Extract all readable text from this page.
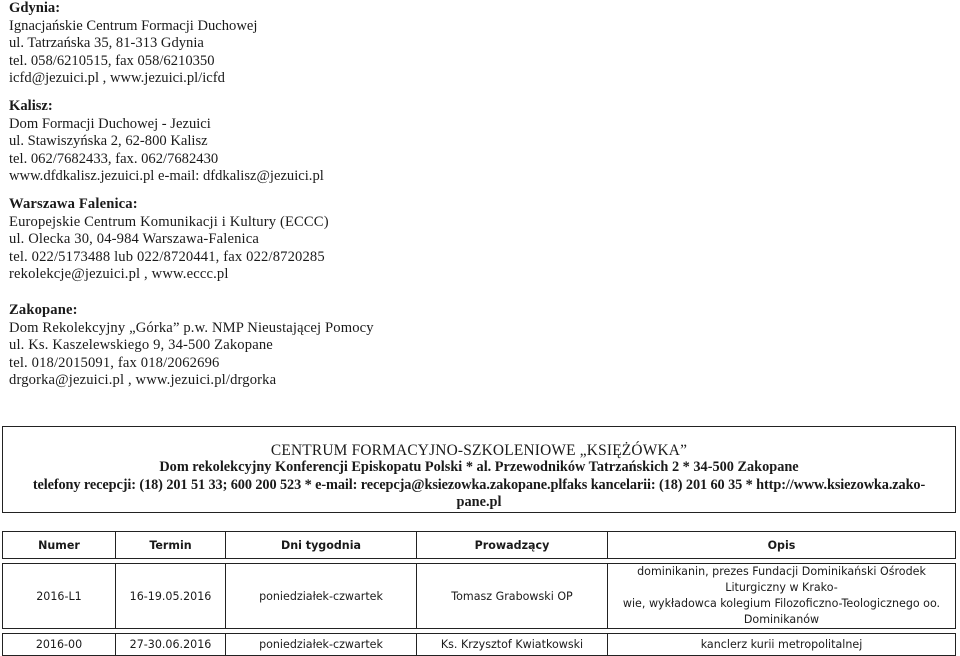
Gdynia:
Ignacjańskie Centrum Formacji Duchowej
ul. Tatrzańska 35, 81-313 Gdynia
tel. 058/6210515, fax 058/6210350
icfd@jezuici.pl , www.jezuici.pl/icfd
Kalisz:
Dom Formacji Duchowej - Jezuici
ul. Stawiszyńska 2, 62-800 Kalisz
tel. 062/7682433, fax. 062/7682430
www.dfdkalisz.jezuici.pl e-mail: dfdkalisz@jezuici.pl
Warszawa Falenica:
Europejskie Centrum Komunikacji i Kultury (ECCC)
ul. Olecka 30, 04-984 Warszawa-Falenica
tel. 022/5173488 lub 022/8720441, fax 022/8720285
rekolekcje@jezuici.pl , www.eccc.pl
Zakopane:
Dom Rekolekcyjny „Górka” p.w. NMP Nieustającej Pomocy
ul. Ks. Kaszelewskiego 9, 34-500 Zakopane
tel. 018/2015091, fax 018/2062696
drgorka@jezuici.pl , www.jezuici.pl/drgorka
CENTRUM FORMACYJNO-SZKOLENIOWE „KSIĘŻÓWKA”
Dom rekolekcyjny Konferencji Episkopatu Polski * al. Przewodników Tatrzańskich 2 * 34-500 Zakopane
telefony recepcji: (18) 201 51 33; 600 200 523 * e-mail: recepcja@ksiezowka.zakopane.plfaks kancelarii: (18) 201 60 35 * http://www.ksiezowka.zako-
pane.pl
Numer	Termin	Dni tygodnia	Prowadzący	Opis

2016-L1	16-19.05.2016	poniedziałek-czwartek	Tomasz Grabowski OP	dominikanin, prezes Fundacji Dominikański Ośrodek Liturgiczny w Krako-
wie, wykładowca kolegium Filozoficzno-Teologicznego oo. Dominikanów

2016-00	27-30.06.2016	poniedziałek-czwartek	Ks. Krzysztof Kwiatkowski	kanclerz kurii metropolitalnej
